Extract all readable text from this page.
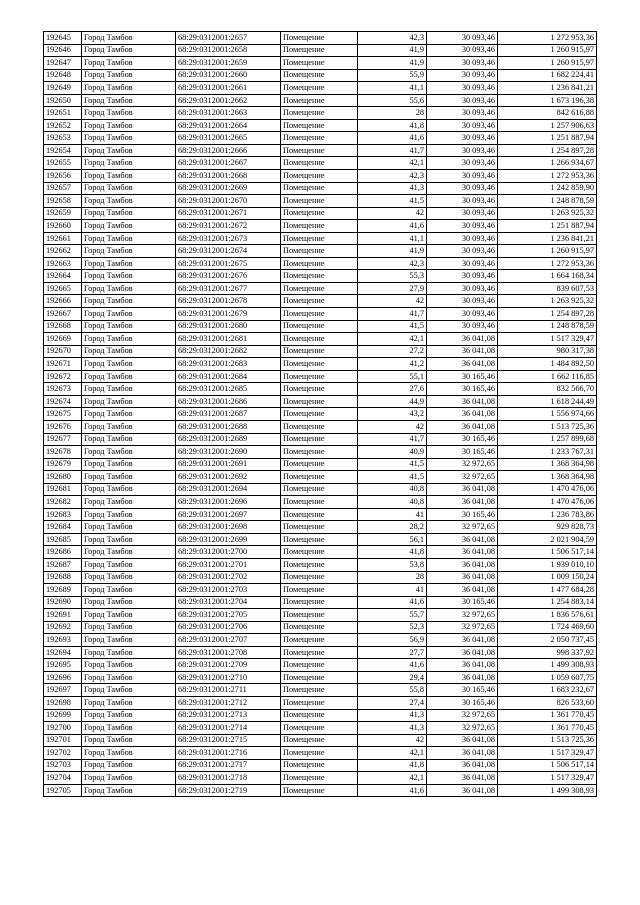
192645	Город Тамбов	68:29:0312001:2657	Помещение	42,3	30 093,46	1 272 953,36
192646	Город Тамбов	68:29:0312001:2658	Помещение	41,9	30 093,46	1 260 915,97
192647	Город Тамбов	68:29:0312001:2659	Помещение	41,9	30 093,46	1 260 915,97
192648	Город Тамбов	68:29:0312001:2660	Помещение	55,9	30 093,46	1 682 224,41
192649	Город Тамбов	68:29:0312001:2661	Помещение	41,1	30 093,46	1 236 841,21
192650	Город Тамбов	68:29:0312001:2662	Помещение	55,6	30 093,46	1 673 196,38
192651	Город Тамбов	68:29:0312001:2663	Помещение	28	30 093,46	842 616,88
192652	Город Тамбов	68:29:0312001:2664	Помещение	41,8	30 093,46	1 257 906,63
192653	Город Тамбов	68:29:0312001:2665	Помещение	41,6	30 093,46	1 251 887,94
192654	Город Тамбов	68:29:0312001:2666	Помещение	41,7	30 093,46	1 254 897,28
192655	Город Тамбов	68:29:0312001:2667	Помещение	42,1	30 093,46	1 266 934,67
192656	Город Тамбов	68:29:0312001:2668	Помещение	42,3	30 093,46	1 272 953,36
192657	Город Тамбов	68:29:0312001:2669	Помещение	41,3	30 093,46	1 242 859,90
192658	Город Тамбов	68:29:0312001:2670	Помещение	41,5	30 093,46	1 248 878,59
192659	Город Тамбов	68:29:0312001:2671	Помещение	42	30 093,46	1 263 925,32
192660	Город Тамбов	68:29:0312001:2672	Помещение	41,6	30 093,46	1 251 887,94
192661	Город Тамбов	68:29:0312001:2673	Помещение	41,1	30 093,46	1 236 841,21
192662	Город Тамбов	68:29:0312001:2674	Помещение	41,9	30 093,46	1 260 915,97
192663	Город Тамбов	68:29:0312001:2675	Помещение	42,3	30 093,46	1 272 953,36
192664	Город Тамбов	68:29:0312001:2676	Помещение	55,3	30 093,46	1 664 168,34
192665	Город Тамбов	68:29:0312001:2677	Помещение	27,9	30 093,46	839 607,53
192666	Город Тамбов	68:29:0312001:2678	Помещение	42	30 093,46	1 263 925,32
192667	Город Тамбов	68:29:0312001:2679	Помещение	41,7	30 093,46	1 254 897,28
192668	Город Тамбов	68:29:0312001:2680	Помещение	41,5	30 093,46	1 248 878,59
192669	Город Тамбов	68:29:0312001:2681	Помещение	42,1	36 041,08	1 517 329,47
192670	Город Тамбов	68:29:0312001:2682	Помещение	27,2	36 041,08	980 317,38
192671	Город Тамбов	68:29:0312001:2683	Помещение	41,2	36 041,08	1 484 892,50
192672	Город Тамбов	68:29:0312001:2684	Помещение	55,1	30 165,46	1 662 116,85
192673	Город Тамбов	68:29:0312001:2685	Помещение	27,6	30 165,46	832 566,70
192674	Город Тамбов	68:29:0312001:2686	Помещение	44,9	36 041,08	1 618 244,49
192675	Город Тамбов	68:29:0312001:2687	Помещение	43,2	36 041,08	1 556 974,66
192676	Город Тамбов	68:29:0312001:2688	Помещение	42	36 041,08	1 513 725,36
192677	Город Тамбов	68:29:0312001:2689	Помещение	41,7	30 165,46	1 257 899,68
192678	Город Тамбов	68:29:0312001:2690	Помещение	40,9	30 165,46	1 233 767,31
192679	Город Тамбов	68:29:0312001:2691	Помещение	41,5	32 972,65	1 368 364,98
192680	Город Тамбов	68:29:0312001:2692	Помещение	41,5	32 972,65	1 368 364,98
192681	Город Тамбов	68:29:0312001:2694	Помещение	40,8	36 041,08	1 470 476,06
192682	Город Тамбов	68:29:0312001:2696	Помещение	40,8	36 041,08	1 470 476,06
192683	Город Тамбов	68:29:0312001:2697	Помещение	41	30 165,46	1 236 783,86
192684	Город Тамбов	68:29:0312001:2698	Помещение	28,2	32 972,65	929 828,73
192685	Город Тамбов	68:29:0312001:2699	Помещение	56,1	36 041,08	2 021 904,59
192686	Город Тамбов	68:29:0312001:2700	Помещение	41,8	36 041,08	1 506 517,14
192687	Город Тамбов	68:29:0312001:2701	Помещение	53,8	36 041,08	1 939 010,10
192688	Город Тамбов	68:29:0312001:2702	Помещение	28	36 041,08	1 009 150,24
192689	Город Тамбов	68:29:0312001:2703	Помещение	41	36 041,08	1 477 684,28
192690	Город Тамбов	68:29:0312001:2704	Помещение	41,6	30 165,46	1 254 883,14
192691	Город Тамбов	68:29:0312001:2705	Помещение	55,7	32 972,65	1 836 576,61
192692	Город Тамбов	68:29:0312001:2706	Помещение	52,3	32 972,65	1 724 469,60
192693	Город Тамбов	68:29:0312001:2707	Помещение	56,9	36 041,08	2 050 737,45
192694	Город Тамбов	68:29:0312001:2708	Помещение	27,7	36 041,08	998 337,92
192695	Город Тамбов	68:29:0312001:2709	Помещение	41,6	36 041,08	1 499 308,93
192696	Город Тамбов	68:29:0312001:2710	Помещение	29,4	36 041,08	1 059 607,75
192697	Город Тамбов	68:29:0312001:2711	Помещение	55,8	30 165,46	1 683 232,67
192698	Город Тамбов	68:29:0312001:2712	Помещение	27,4	30 165,46	826 533,60
192699	Город Тамбов	68:29:0312001:2713	Помещение	41,3	32 972,65	1 361 770,45
192700	Город Тамбов	68:29:0312001:2714	Помещение	41,3	32 972,65	1 361 770,45
192701	Город Тамбов	68:29:0312001:2715	Помещение	42	36 041,08	1 513 725,36
192702	Город Тамбов	68:29:0312001:2716	Помещение	42,1	36 041,08	1 517 329,47
192703	Город Тамбов	68:29:0312001:2717	Помещение	41,8	36 041,08	1 506 517,14
192704	Город Тамбов	68:29:0312001:2718	Помещение	42,1	36 041,08	1 517 329,47
192705	Город Тамбов	68:29:0312001:2719	Помещение	41,6	36 041,08	1 499 308,93
